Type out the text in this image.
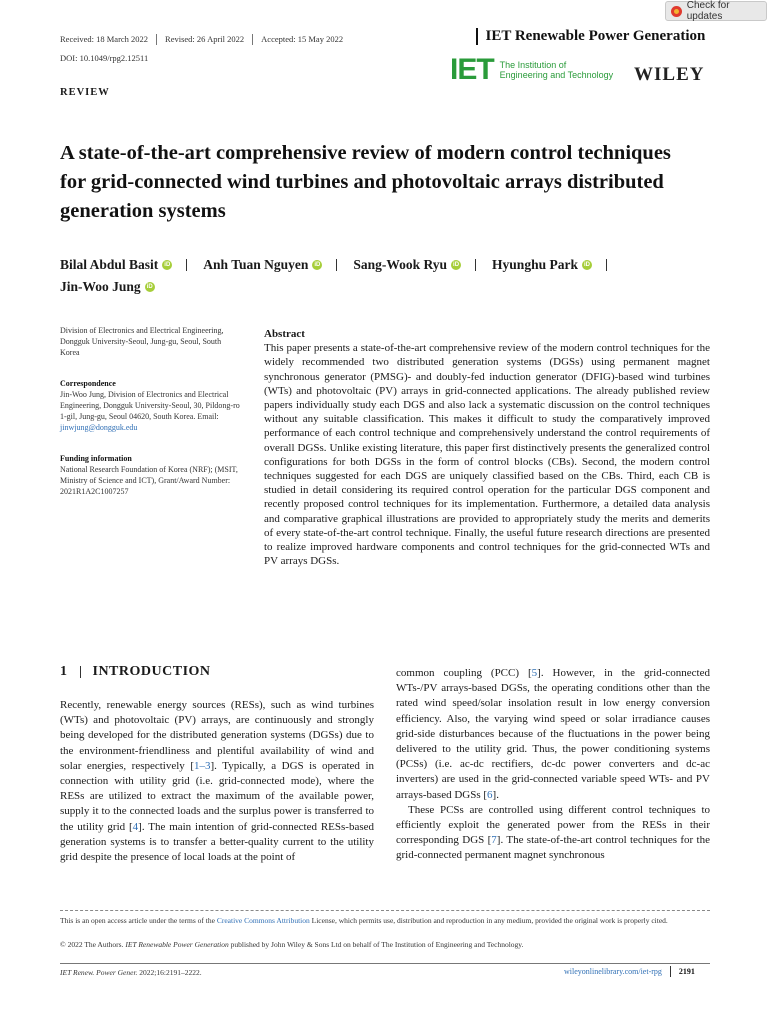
Check for updates
Received: 18 March 2022 Revised: 26 April 2022 Accepted: 15 May 2022	IET Renewable Power Generation
DOI: 10.1049/rpg2.12511	IET The Institution of
Engineering and Technology WILEY
REVIEW
A state-of-the-art comprehensive review of modern control techniques for grid-connected wind turbines and photovoltaic arrays distributed generation systems
Bilal Abdul Basit	iD Anh Tuan Nguyen	iD Sang-Wook Ryu	iD Hyunghu Park	iD
Jin-Woo Jung	iD
Division of Electronics and Electrical Engineering, Dongguk University-Seoul, Jung-gu, Seoul, South Korea
Correspondence
Jin-Woo Jung, Division of Electronics and Electrical Engineering, Dongguk University-Seoul, 30, Pildong-ro 1-gil, Jung-gu, Seoul 04620, South Korea. Email: jinwjung@dongguk.edu
Funding information
National Research Foundation of Korea (NRF); (MSIT, Ministry of Science and ICT), Grant/Award Number: 2021R1A2C1007257
Abstract
This paper presents a state-of-the-art comprehensive review of the modern control techniques for the widely recommended two distributed generation systems (DGSs) using permanent magnet synchronous generator (PMSG)- and doubly-fed induction generator (DFIG)-based wind turbines (WTs) and photovoltaic (PV) arrays in grid-connected applications. The already published review papers individually study each DGS and also lack a systematic discussion on the control techniques without any suitable classification. This makes it difficult to study the comparatively improved performance of each control technique and comprehensively understand the control requirements of overall DGSs. Unlike existing literature, this paper first distinctively presents the generalized control configurations for both DGSs in the form of control blocks (CBs). Second, the modern control techniques suggested for each DGS are uniquely classified based on the CBs. Third, each CB is studied in detail considering its required control operation for the particular DGS component and recently proposed control techniques for its implementation. Furthermore, a detailed data analysis and comparative graphical illustrations are provided to appropriately study the merits and demerits of every state-of-the-art control technique. Finally, the useful future research directions are presented to realize improved hardware components and control techniques for the grid-connected WTs and PV arrays DGSs.
1 INTRODUCTION

Recently, renewable energy sources (RESs), such as wind turbines (WTs) and photovoltaic (PV) arrays, are continuously and strongly being developed for the distributed generation systems (DGSs) due to the environment-friendliness and plentiful availability of wind and solar energies, respectively [1–3]. Typically, a DGS is operated in connection with utility grid (i.e. grid-connected mode), where the RESs are utilized to extract the maximum of the available power, supply it to the connected loads and the surplus power is transferred to the utility grid [4]. The main intention of grid-connected RESs-based generation systems is to transfer a better-quality current to the utility grid despite the presence of local loads at the point of

common coupling (PCC) [5]. However, in the grid-connected WTs-/PV arrays-based DGSs, the operating conditions other than the rated wind speed/solar insolation result in low energy conversion efficiency. Also, the varying wind speed or solar irradiance causes grid-side disturbances because of the fluctuations in the power being delivered to the utility grid. Thus, the power conditioning systems (PCSs) (i.e. ac-dc rectifiers, dc-dc power converters and dc-ac inverters) are used in the grid-connected variable speed WTs- and PV arrays-based DGSs [6].

These PCSs are controlled using different control techniques to efficiently exploit the generated power from the RESs in their corresponding DGS [7]. The state-of-the-art control techniques for the grid-connected permanent magnet synchronous

This is an open access article under the terms of the Creative Commons Attribution License, which permits use, distribution and reproduction in any medium, provided the original work is properly cited.
© 2022 The Authors. IET Renewable Power Generation published by John Wiley & Sons Ltd on behalf of The Institution of Engineering and Technology.
IET Renew. Power Gener. 2022;16:2191–2222.	wileyonlinelibrary.com/iet-rpg 2191
